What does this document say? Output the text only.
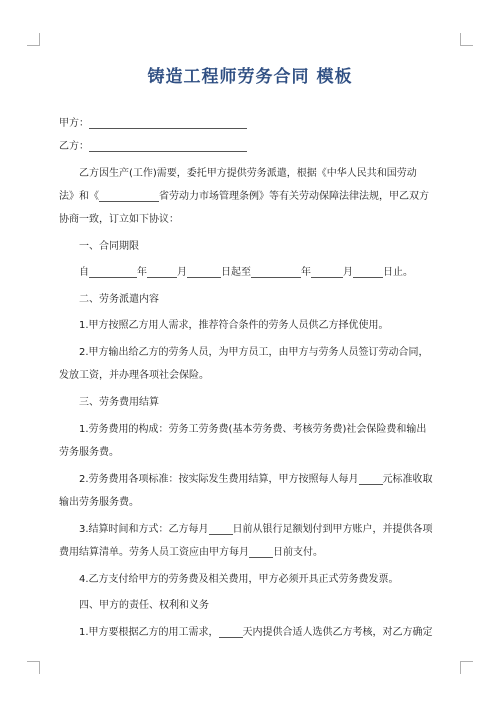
铸造工程师劳务合同 模板
甲方：
乙方：
乙方因生产(工作)需要，委托甲方提供劳务派遣，根据《中华人民共和国劳动
法》和《	省劳动力市场管理条例》等有关劳动保障法律法规，甲乙双方
协商一致，订立如下协议：
一、合同期限
自	年	月	日起至	年	月	日止。
二、劳务派遣内容
1.甲方按照乙方用人需求，推荐符合条件的劳务人员供乙方择优使用。
2.甲方输出给乙方的劳务人员，为甲方员工，由甲方与劳务人员签订劳动合同，
发放工资，并办理各项社会保险。
三、劳务费用结算
1.劳务费用的构成：劳务工劳务费(基本劳务费、考核劳务费)社会保险费和输出
劳务服务费。
2.劳务费用各项标准：按实际发生费用结算，甲方按照每人每月 元标准收取
输出劳务服务费。
3.结算时间和方式：乙方每月 日前从银行足额划付到甲方账户，并提供各项
费用结算清单。劳务人员工资应由甲方每月 日前支付。
4.乙方支付给甲方的劳务费及相关费用，甲方必须开具正式劳务费发票。
四、甲方的责任、权利和义务
1.甲方要根据乙方的用工需求， 天内提供合适人选供乙方考核，对乙方确定
